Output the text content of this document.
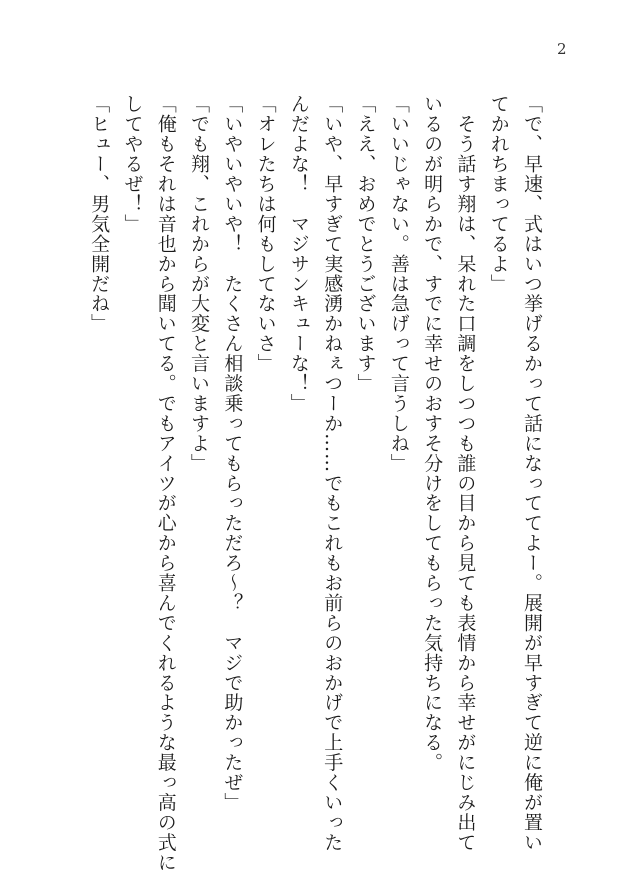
2
「で、早速、式はいつ挙げるかって話になっててよー。展開が早すぎて逆に俺が置い
てかれちまってるよ」
　そう話す翔は、呆れた口調をしつつも誰の目から見ても表情から幸せがにじみ出て
いるのが明らかで、すでに幸せのおすそ分けをしてもらった気持ちになる。
「いいじゃない。善は急げって言うしね」
「ええ、おめでとうございます」
「いや、早すぎて実感湧かねぇつーか……でもこれもお前らのおかげで上手くいった
んだよな！　マジサンキューな！」
「オレたちは何もしてないさ」
「いやいやいや！　たくさん相談乗ってもらっただろ〜？　マジで助かったぜ」
「でも翔、これからが大変と言いますよ」
「俺もそれは音也から聞いてる。でもアイツが心から喜んでくれるような最っ高の式に
してやるぜ！」
「ヒュー、男気全開だね」
